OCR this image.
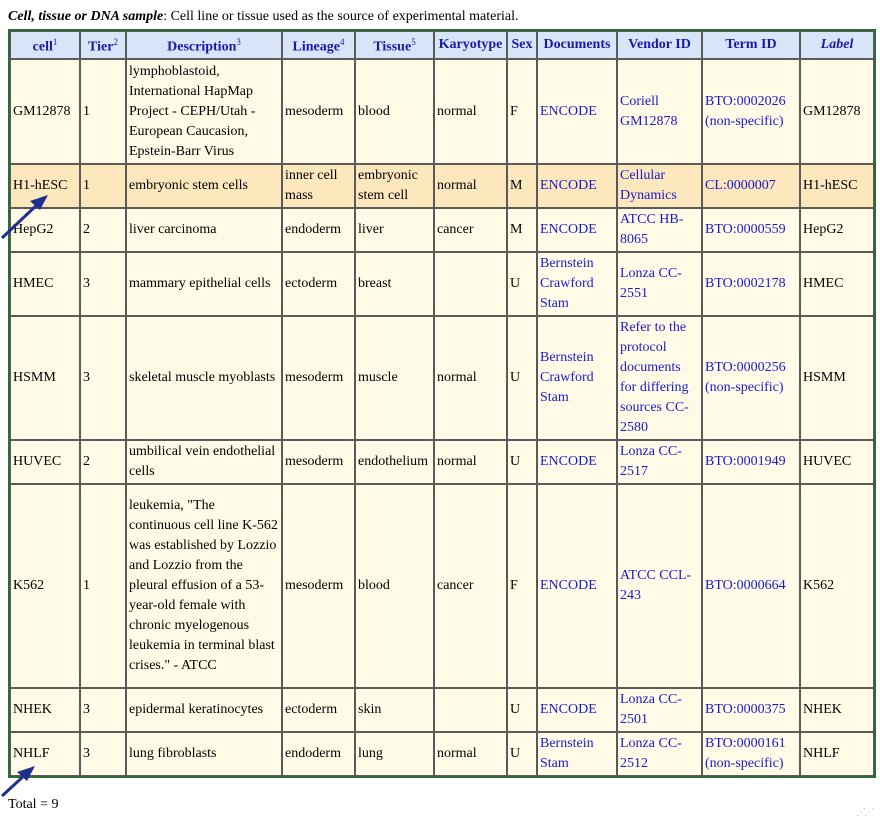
Cell, tissue or DNA sample: Cell line or tissue used as the source of experimental material.
cell$^1$	Tier$^2$	Description$^3$	Lineage$^4$	Tissue$^5$	Karyotype	Sex	Documents	Vendor ID	Term ID	Label
GM12878	1	lymphoblastoid, International HapMap Project - CEPH/Utah - European Caucasion, Epstein-Barr Virus	mesoderm	blood	normal	F	ENCODE	Coriell GM12878	BTO:0002026 (non-specific)	GM12878
H1-hESC	1	embryonic stem cells	inner cell mass	embryonic stem cell	normal	M	ENCODE	Cellular Dynamics	CL:0000007	H1-hESC
HepG2	2	liver carcinoma	endoderm	liver	cancer	M	ENCODE	ATCC HB-8065	BTO:0000559	HepG2
HMEC	3	mammary epithelial cells	ectoderm	breast		U	Bernstein Crawford Stam	Lonza CC-2551	BTO:0002178	HMEC
HSMM	3	skeletal muscle myoblasts	mesoderm	muscle	normal	U	Bernstein Crawford Stam	Refer to the protocol documents for differing sources CC-2580	BTO:0000256 (non-specific)	HSMM
HUVEC	2	umbilical vein endothelial cells	mesoderm	endothelium	normal	U	ENCODE	Lonza CC-2517	BTO:0001949	HUVEC
K562	1	leukemia, "The continuous cell line K-562 was established by Lozzio and Lozzio from the pleural effusion of a 53-year-old female with chronic myelogenous leukemia in terminal blast crises." - ATCC	mesoderm	blood	cancer	F	ENCODE	ATCC CCL-243	BTO:0000664	K562
NHEK	3	epidermal keratinocytes	ectoderm	skin		U	ENCODE	Lonza CC-2501	BTO:0000375	NHEK
NHLF	3	lung fibroblasts	endoderm	lung	normal	U	Bernstein Stam	Lonza CC-2512	BTO:0000161 (non-specific)	NHLF
Total = 9
⋰⋰
